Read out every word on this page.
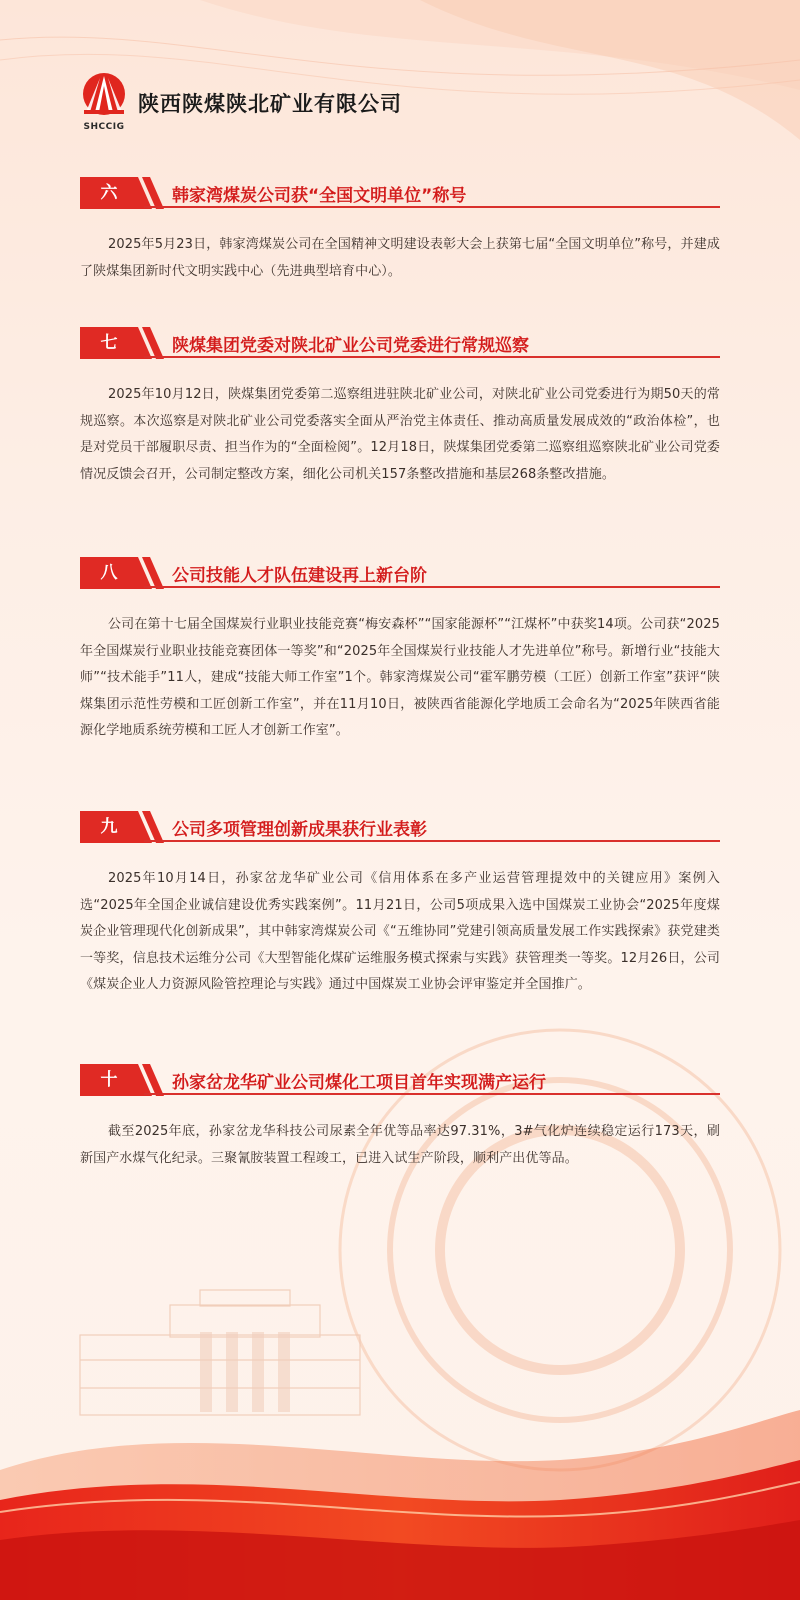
SHCCIG
陕西陕煤陕北矿业有限公司
六	韩家湾煤炭公司获“全国文明单位”称号

2025年5月23日，韩家湾煤炭公司在全国精神文明建设表彰大会上获第七届“全国文明单位”称号，并建成了陕煤集团新时代文明实践中心（先进典型培育中心）。

七	陕煤集团党委对陕北矿业公司党委进行常规巡察

2025年10月12日，陕煤集团党委第二巡察组进驻陕北矿业公司，对陕北矿业公司党委进行为期50天的常规巡察。本次巡察是对陕北矿业公司党委落实全面从严治党主体责任、推动高质量发展成效的“政治体检”，也是对党员干部履职尽责、担当作为的“全面检阅”。12月18日，陕煤集团党委第二巡察组巡察陕北矿业公司党委情况反馈会召开，公司制定整改方案，细化公司机关157条整改措施和基层268条整改措施。

八	公司技能人才队伍建设再上新台阶

公司在第十七届全国煤炭行业职业技能竞赛“梅安森杯”“国家能源杯”“江煤杯”中获奖14项。公司获“2025年全国煤炭行业职业技能竞赛团体一等奖”和“2025年全国煤炭行业技能人才先进单位”称号。新增行业“技能大师”“技术能手”11人，建成“技能大师工作室”1个。韩家湾煤炭公司“霍军鹏劳模（工匠）创新工作室”获评“陕煤集团示范性劳模和工匠创新工作室”，并在11月10日，被陕西省能源化学地质工会命名为“2025年陕西省能源化学地质系统劳模和工匠人才创新工作室”。

九	公司多项管理创新成果获行业表彰

2025年10月14日，孙家岔龙华矿业公司《信用体系在多产业运营管理提效中的关键应用》案例入选“2025年全国企业诚信建设优秀实践案例”。11月21日，公司5项成果入选中国煤炭工业协会“2025年度煤炭企业管理现代化创新成果”，其中韩家湾煤炭公司《“五维协同”党建引领高质量发展工作实践探索》获党建类一等奖，信息技术运维分公司《大型智能化煤矿运维服务模式探索与实践》获管理类一等奖。12月26日，公司《煤炭企业人力资源风险管控理论与实践》通过中国煤炭工业协会评审鉴定并全国推广。

十	孙家岔龙华矿业公司煤化工项目首年实现满产运行

截至2025年底，孙家岔龙华科技公司尿素全年优等品率达97.31%，3#气化炉连续稳定运行173天，刷新国产水煤气化纪录。三聚氰胺装置工程竣工，已进入试生产阶段，顺利产出优等品。
